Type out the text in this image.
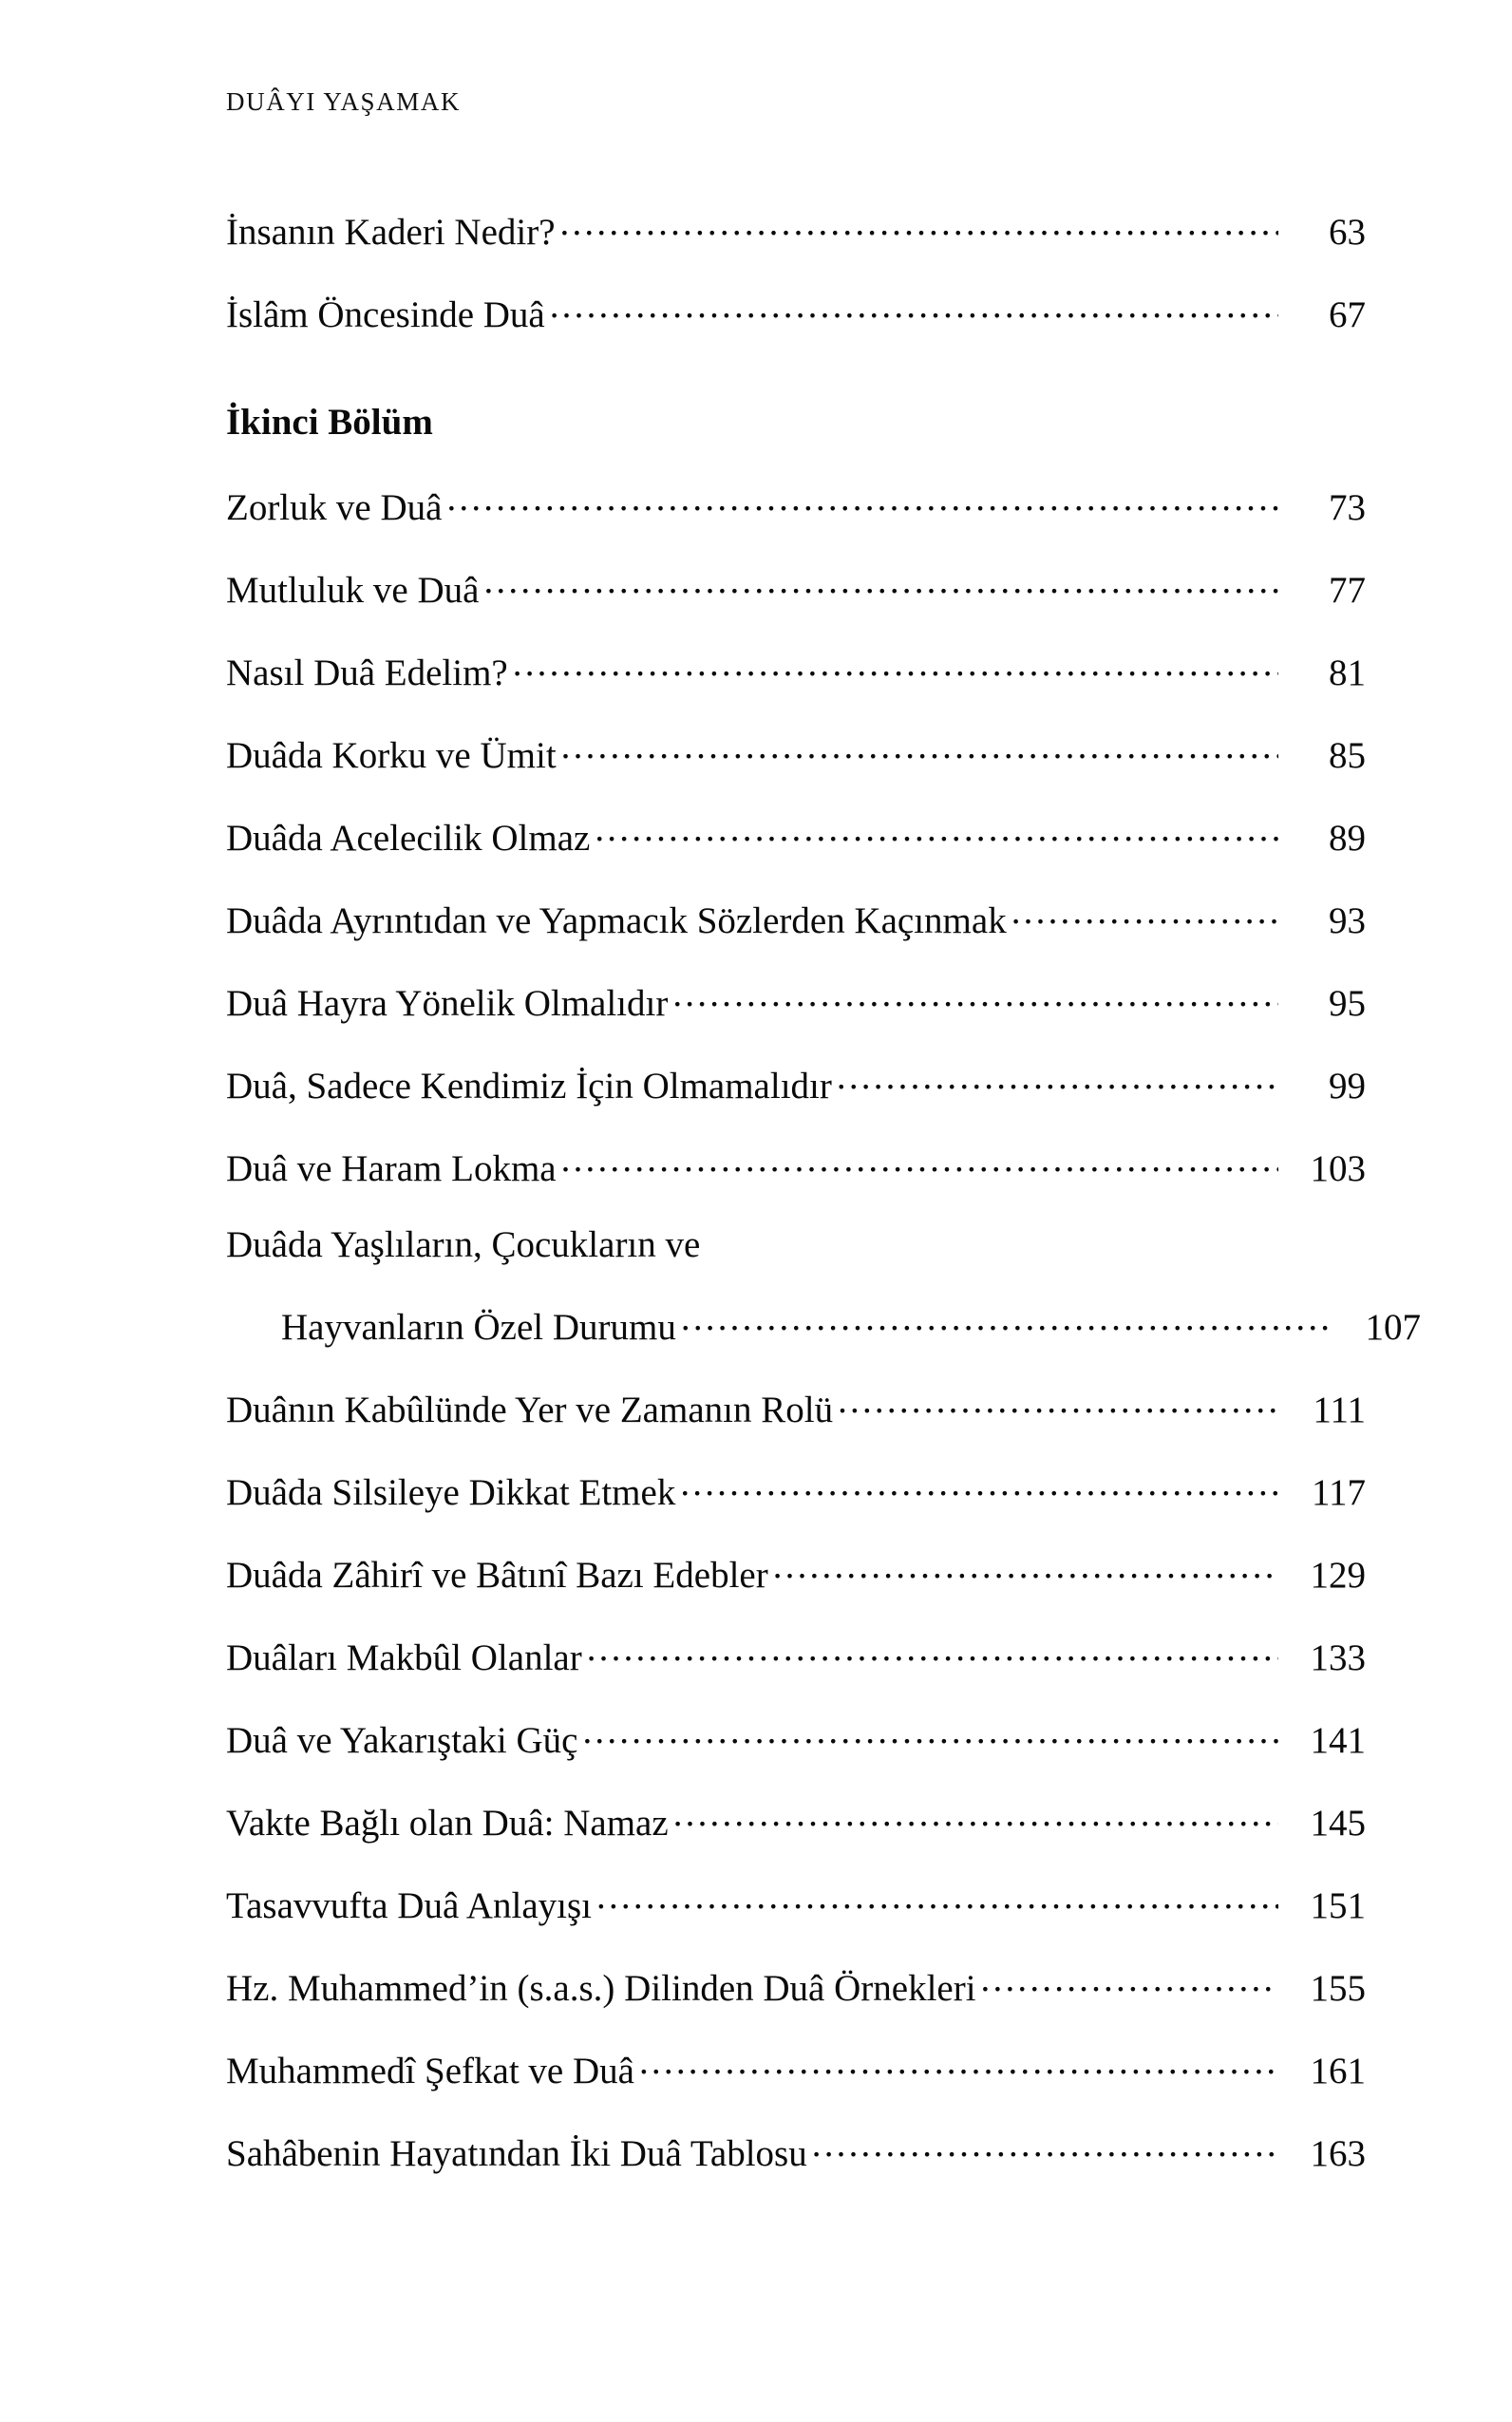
DUÂYI YAŞAMAK
İnsanın Kaderi Nedir? .....	63
İslâm Öncesinde Duâ .....	67
İkinci Bölüm
Zorluk ve Duâ .....	73
Mutluluk ve Duâ .....	77
Nasıl Duâ Edelim? .....	81
Duâda Korku ve Ümit .....	85
Duâda Acelecilik Olmaz .....	89
Duâda Ayrıntıdan ve Yapmacık Sözlerden Kaçınmak .....	93
Duâ Hayra Yönelik Olmalıdır .....	95
Duâ, Sadece Kendimiz İçin Olmamalıdır .....	99
Duâ ve Haram Lokma .....	103
Duâda Yaşlıların, Çocukların ve
Hayvanların Özel Durumu .....	107
Duânın Kabûlünde Yer ve Zamanın Rolü .....	111
Duâda Silsileye Dikkat Etmek .....	117
Duâda Zâhirî ve Bâtınî Bazı Edebler .....	129
Duâları Makbûl Olanlar .....	133
Duâ ve Yakarıştaki Güç .....	141
Vakte Bağlı olan Duâ: Namaz .....	145
Tasavvufta Duâ Anlayışı .....	151
Hz. Muhammed’in (s.a.s.) Dilinden Duâ Örnekleri .....	155
Muhammedî Şefkat ve Duâ .....	161
Sahâbenin Hayatından İki Duâ Tablosu .....	163
